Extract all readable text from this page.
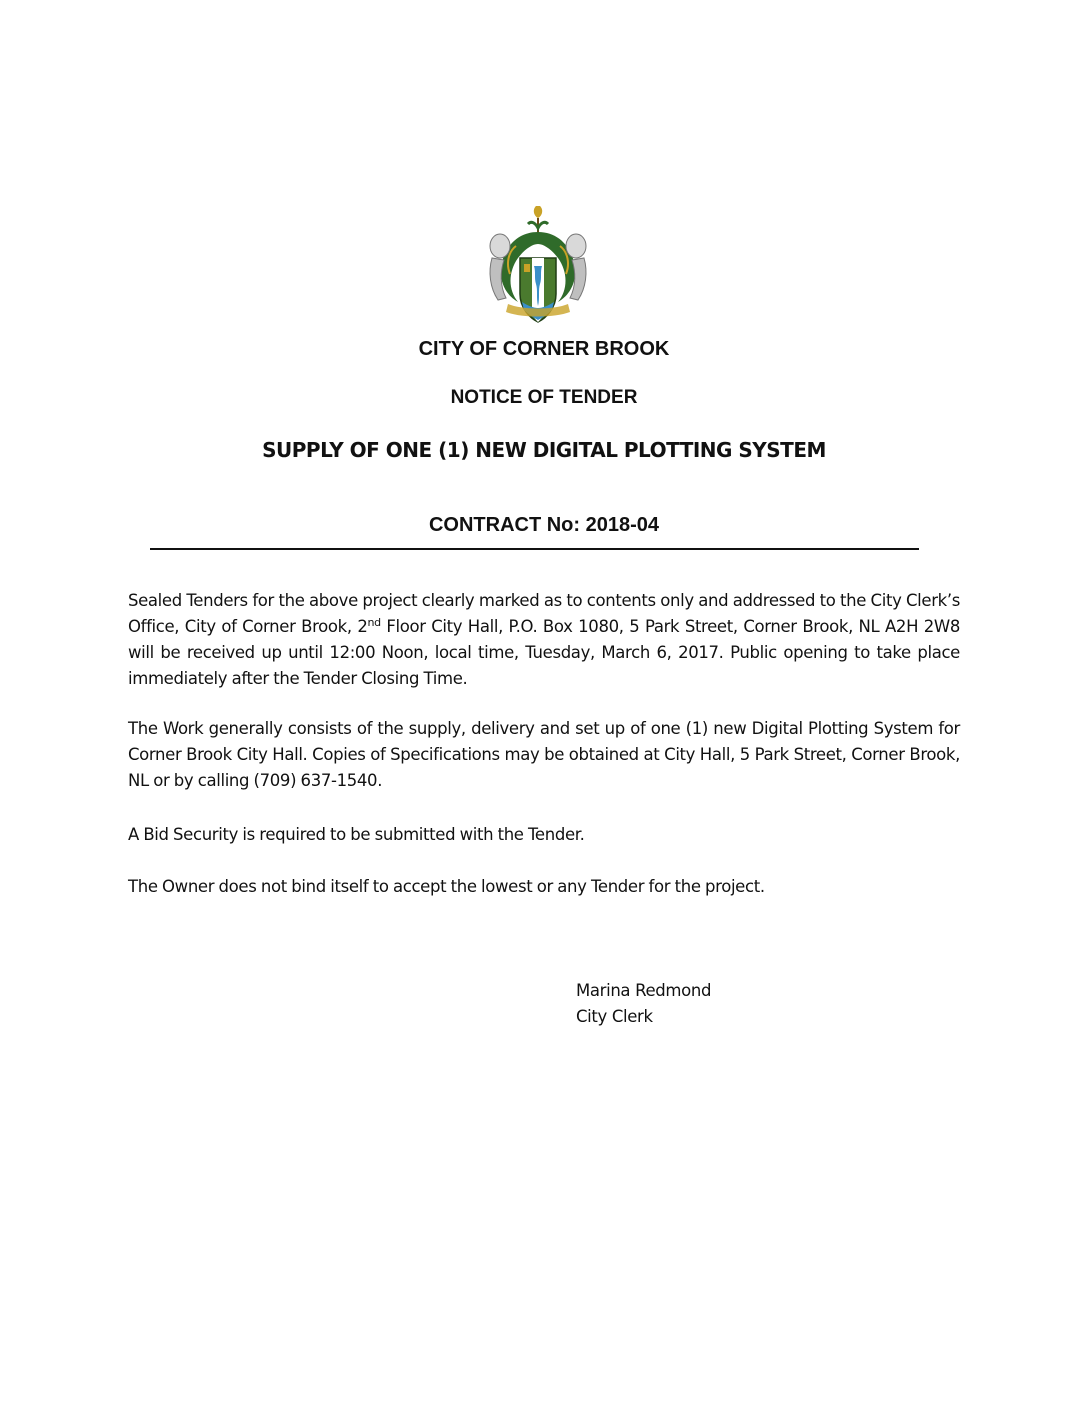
CITY OF CORNER BROOK
NOTICE OF TENDER
SUPPLY OF ONE (1) NEW DIGITAL PLOTTING SYSTEM
CONTRACT No: 2018-04
Sealed Tenders for the above project clearly marked as to contents only and addressed to the City Clerk’s Office, City of Corner Brook, 2nd Floor City Hall, P.O. Box 1080, 5 Park Street, Corner Brook, NL A2H 2W8 will be received up until 12:00 Noon, local time, Tuesday, March 6, 2017. Public opening to take place immediately after the Tender Closing Time.
The Work generally consists of the supply, delivery and set up of one (1) new Digital Plotting System for Corner Brook City Hall. Copies of Specifications may be obtained at City Hall, 5 Park Street, Corner Brook, NL or by calling (709) 637-1540.
A Bid Security is required to be submitted with the Tender.
The Owner does not bind itself to accept the lowest or any Tender for the project.
Marina Redmond
City Clerk
